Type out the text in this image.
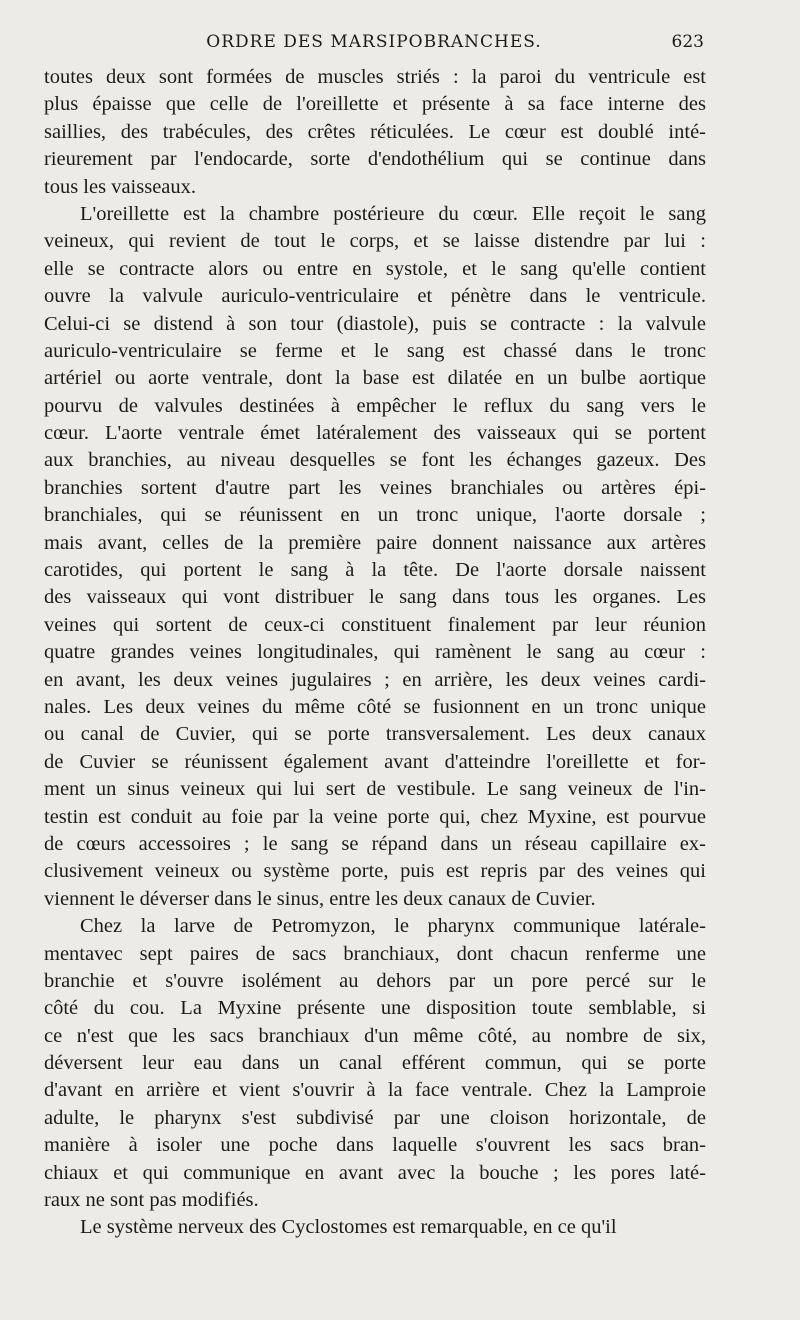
ORDRE DES MARSIPOBRANCHES.	623
toutes deux sont formées de muscles striés : la paroi du ventricule est
plus épaisse que celle de l'oreillette et présente à sa face interne des
saillies, des trabécules, des crêtes réticulées. Le cœur est doublé inté-
rieurement par l'endocarde, sorte d'endothélium qui se continue dans
tous les vaisseaux.
L'oreillette est la chambre postérieure du cœur. Elle reçoit le sang
veineux, qui revient de tout le corps, et se laisse distendre par lui :
elle se contracte alors ou entre en systole, et le sang qu'elle contient
ouvre la valvule auriculo-ventriculaire et pénètre dans le ventricule.
Celui-ci se distend à son tour (diastole), puis se contracte : la valvule
auriculo-ventriculaire se ferme et le sang est chassé dans le tronc
artériel ou aorte ventrale, dont la base est dilatée en un bulbe aortique
pourvu de valvules destinées à empêcher le reflux du sang vers le
cœur. L'aorte ventrale émet latéralement des vaisseaux qui se portent
aux branchies, au niveau desquelles se font les échanges gazeux. Des
branchies sortent d'autre part les veines branchiales ou artères épi-
branchiales, qui se réunissent en un tronc unique, l'aorte dorsale ;
mais avant, celles de la première paire donnent naissance aux artères
carotides, qui portent le sang à la tête. De l'aorte dorsale naissent
des vaisseaux qui vont distribuer le sang dans tous les organes. Les
veines qui sortent de ceux-ci constituent finalement par leur réunion
quatre grandes veines longitudinales, qui ramènent le sang au cœur :
en avant, les deux veines jugulaires ; en arrière, les deux veines cardi-
nales. Les deux veines du même côté se fusionnent en un tronc unique
ou canal de Cuvier, qui se porte transversalement. Les deux canaux
de Cuvier se réunissent également avant d'atteindre l'oreillette et for-
ment un sinus veineux qui lui sert de vestibule. Le sang veineux de l'in-
testin est conduit au foie par la veine porte qui, chez Myxine, est pourvue
de cœurs accessoires ; le sang se répand dans un réseau capillaire ex-
clusivement veineux ou système porte, puis est repris par des veines qui
viennent le déverser dans le sinus, entre les deux canaux de Cuvier.
Chez la larve de Petromyzon, le pharynx communique latérale-
mentavec sept paires de sacs branchiaux, dont chacun renferme une
branchie et s'ouvre isolément au dehors par un pore percé sur le
côté du cou. La Myxine présente une disposition toute semblable, si
ce n'est que les sacs branchiaux d'un même côté, au nombre de six,
déversent leur eau dans un canal efférent commun, qui se porte
d'avant en arrière et vient s'ouvrir à la face ventrale. Chez la Lamproie
adulte, le pharynx s'est subdivisé par une cloison horizontale, de
manière à isoler une poche dans laquelle s'ouvrent les sacs bran-
chiaux et qui communique en avant avec la bouche ; les pores laté-
raux ne sont pas modifiés.
Le système nerveux des Cyclostomes est remarquable, en ce qu'il
